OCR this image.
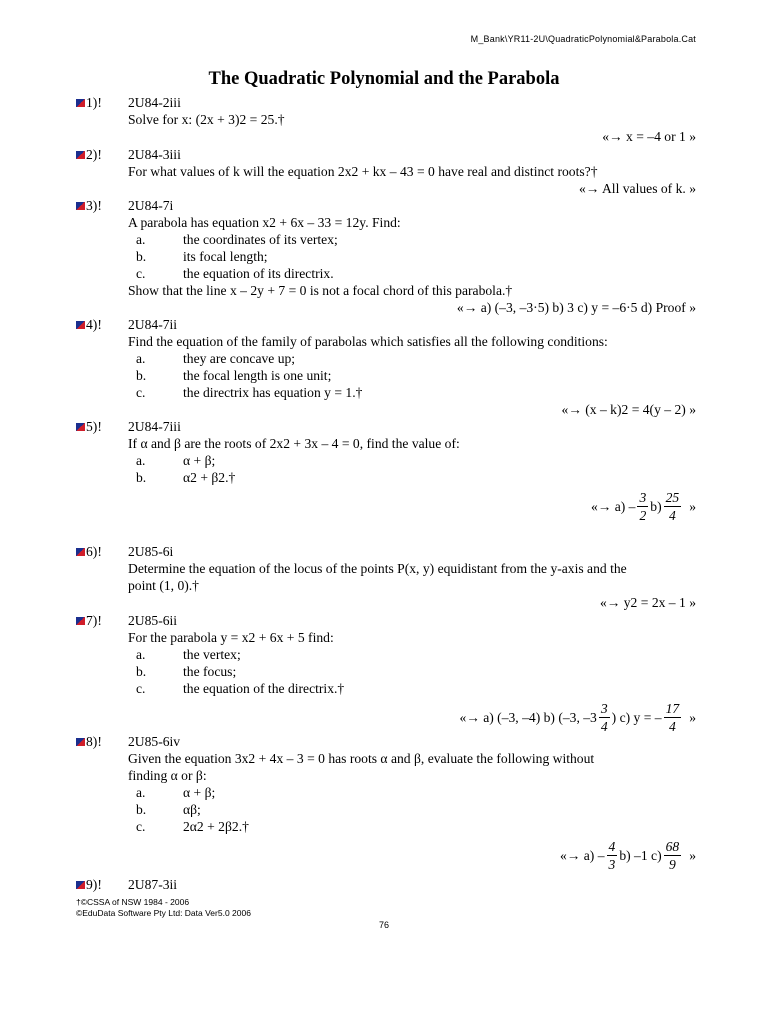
M_Bank\YR11-2U\QuadraticPolynomial&Parabola.Cat
The Quadratic Polynomial and the Parabola
1)! 2U84-2iii
Solve for x: (2x + 3)2 = 25.†
«→ x = –4 or 1 »
2)! 2U84-3iii
For what values of k will the equation 2x2 + kx – 43 = 0 have real and distinct roots?†
«→ All values of k. »
3)! 2U84-7i
A parabola has equation x2 + 6x – 33 = 12y. Find:
a.	the coordinates of its vertex;
b.	its focal length;
c.	the equation of its directrix.
Show that the line x – 2y + 7 = 0 is not a focal chord of this parabola.†
«→ a) (–3, –3·5) b) 3 c) y = –6·5 d) Proof »
4)! 2U84-7ii
Find the equation of the family of parabolas which satisfies all the following conditions:
a.	they are concave up;
b.	the focal length is one unit;
c.	the directrix has equation y = 1.†
«→ (x – k)2 = 4(y – 2) »
5)! 2U84-7iii
If α and β are the roots of 2x2 + 3x – 4 = 0, find the value of:
a.	α + β;
b.	α2 + β2.†
«→ $a) - \frac{3}{2} b) \frac{25}{4}$ »
6)! 2U85-6i
Determine the equation of the locus of the points P(x, y) equidistant from the y-axis and the
point (1, 0).†
«→ y2 = 2x – 1 »
7)! 2U85-6ii
For the parabola y = x2 + 6x + 5 find:
a.	the vertex;
b.	the focus;
c.	the equation of the directrix.†
«→ a) (–3, –4) b) (–3, $-3 \frac{3}{4}$ ) c) y = – $\frac{17}{4}$ »
8)! 2U85-6iv
Given the equation 3x2 + 4x – 3 = 0 has roots α and β, evaluate the following without
finding α or β:
a.	α + β;
b.	αβ;
c.	2α2 + 2β2.†
«→ $a) - \frac{4}{3} b$) –1 $c) \frac{68}{9}$ »
9)! 2U87-3ii
†©CSSA of NSW 1984 - 2006
©EduData Software Pty Ltd: Data Ver5.0 2006
76
